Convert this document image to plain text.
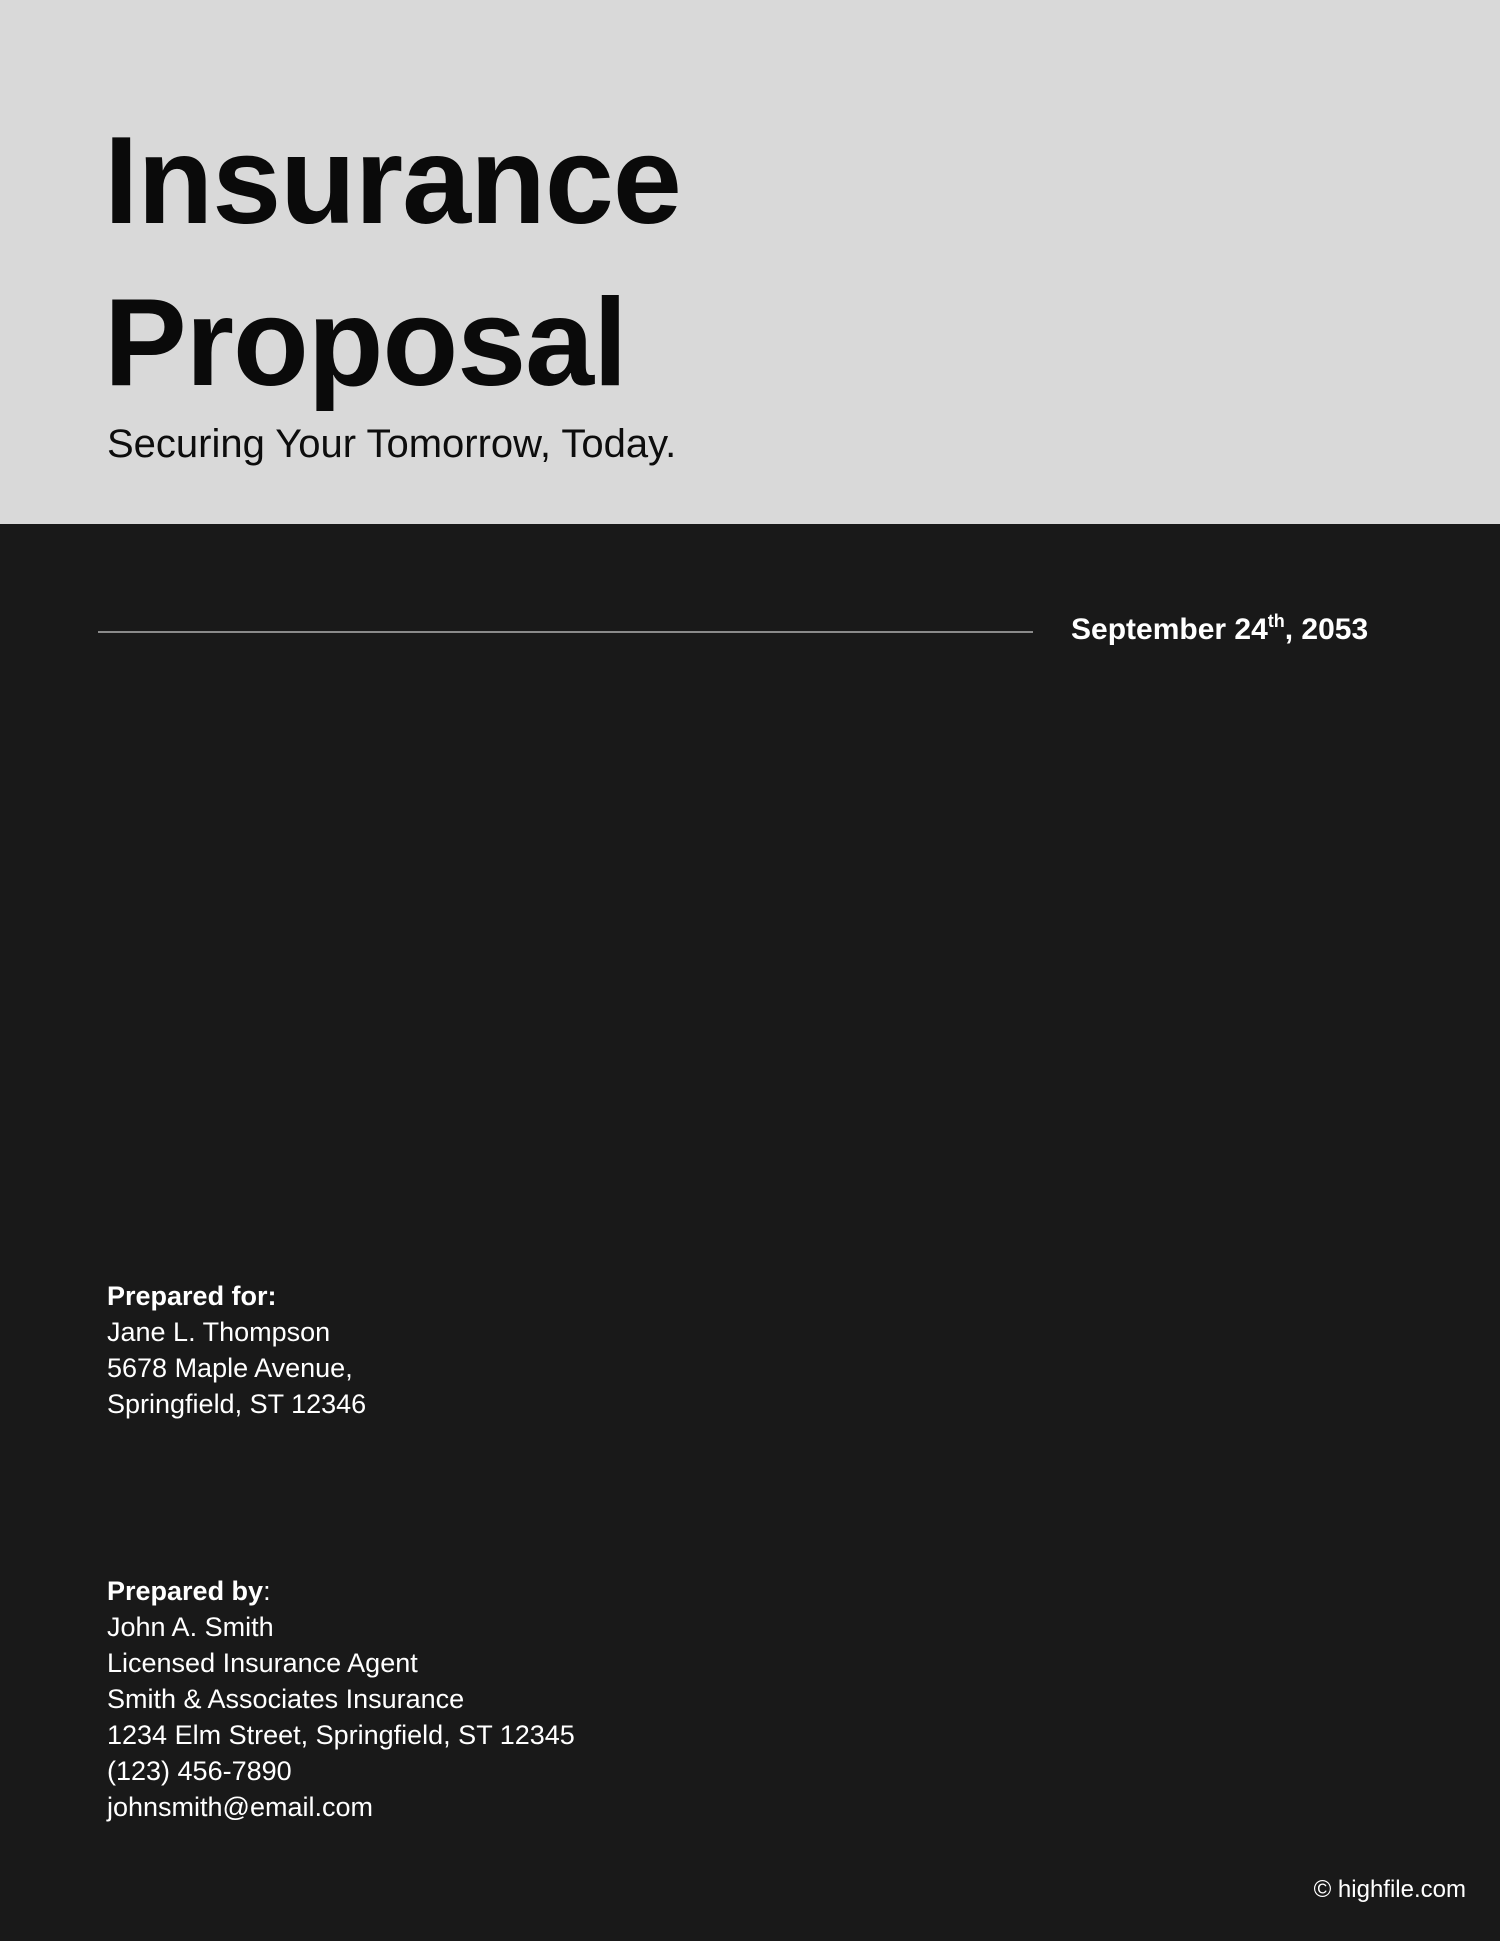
Insurance
Proposal

Securing Your Tomorrow, Today.

September 24th, 2053
Prepared for:
Jane L. Thompson
5678 Maple Avenue,
Springfield, ST 12346
Prepared by:
John A. Smith
Licensed Insurance Agent
Smith & Associates Insurance
1234 Elm Street, Springfield, ST 12345
(123) 456-7890
johnsmith@email.com
© highfile.com
